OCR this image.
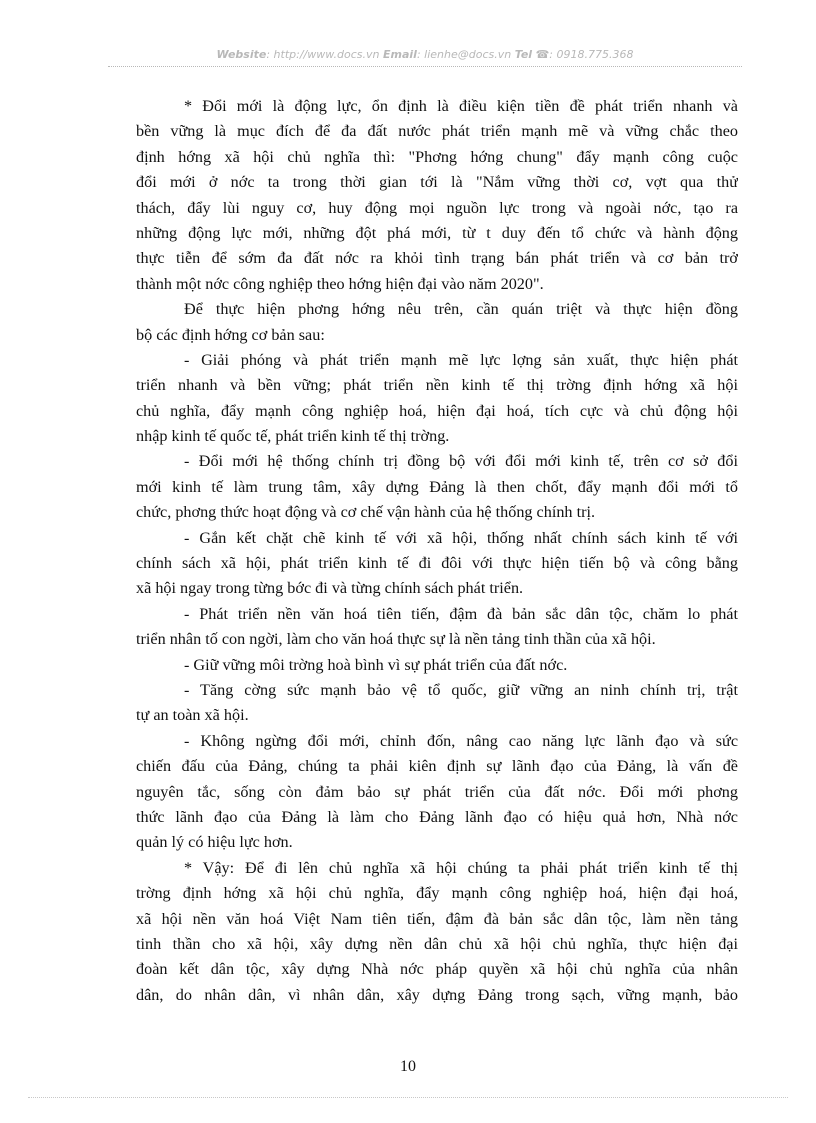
Website: http://www.docs.vn Email: lienhe@docs.vn Tel ☎: 0918.775.368
* Đổi mới là động lực, ổn định là điều kiện tiền đề phát triển nhanh và
bền vững là mục đích để đa đất nước phát triển mạnh mẽ và vững chắc theo
định hớng xã hội chủ nghĩa thì: "Phơng hớng chung" đẩy mạnh công cuộc
đổi mới ở nớc ta trong thời gian tới là "Nắm vững thời cơ, vợt qua thử
thách, đẩy lùi nguy cơ, huy động mọi nguồn lực trong và ngoài nớc, tạo ra
những động lực mới, những đột phá mới, từ t duy đến tổ chức và hành động
thực tiễn để sớm đa đất nớc ra khỏi tình trạng bán phát triển và cơ bản trở
thành một nớc công nghiệp theo hớng hiện đại vào năm 2020".
Để thực hiện phơng hớng nêu trên, cần quán triệt và thực hiện đồng
bộ các định hớng cơ bản sau:
- Giải phóng và phát triển mạnh mẽ lực lợng sản xuất, thực hiện phát
triển nhanh và bền vững; phát triển nền kinh tế thị trờng định hớng xã hội
chủ nghĩa, đẩy mạnh công nghiệp hoá, hiện đại hoá, tích cực và chủ động hội
nhập kinh tế quốc tế, phát triển kinh tế thị trờng.
- Đổi mới hệ thống chính trị đồng bộ với đổi mới kinh tế, trên cơ sở đổi
mới kinh tế làm trung tâm, xây dựng Đảng là then chốt, đẩy mạnh đổi mới tổ
chức, phơng thức hoạt động và cơ chế vận hành của hệ thống chính trị.
- Gắn kết chặt chẽ kinh tế với xã hội, thống nhất chính sách kinh tế với
chính sách xã hội, phát triển kinh tế đi đôi với thực hiện tiến bộ và công bằng
xã hội ngay trong từng bớc đi và từng chính sách phát triển.
- Phát triển nền văn hoá tiên tiến, đậm đà bản sắc dân tộc, chăm lo phát
triển nhân tố con ngời, làm cho văn hoá thực sự là nền tảng tinh thần của xã hội.
- Giữ vững môi trờng hoà bình vì sự phát triển của đất nớc.
- Tăng cờng sức mạnh bảo vệ tổ quốc, giữ vững an ninh chính trị, trật
tự an toàn xã hội.
- Không ngừng đổi mới, chỉnh đốn, nâng cao năng lực lãnh đạo và sức
chiến đấu của Đảng, chúng ta phải kiên định sự lãnh đạo của Đảng, là vấn đề
nguyên tắc, sống còn đảm bảo sự phát triển của đất nớc. Đổi mới phơng
thức lãnh đạo của Đảng là làm cho Đảng lãnh đạo có hiệu quả hơn, Nhà nớc
quản lý có hiệu lực hơn.
* Vậy: Để đi lên chủ nghĩa xã hội chúng ta phải phát triển kinh tế thị
trờng định hớng xã hội chủ nghĩa, đẩy mạnh công nghiệp hoá, hiện đại hoá,
xã hội nền văn hoá Việt Nam tiên tiến, đậm đà bản sắc dân tộc, làm nền tảng
tinh thần cho xã hội, xây dựng nền dân chủ xã hội chủ nghĩa, thực hiện đại
đoàn kết dân tộc, xây dựng Nhà nớc pháp quyền xã hội chủ nghĩa của nhân
dân, do nhân dân, vì nhân dân, xây dựng Đảng trong sạch, vững mạnh, bảo
10
